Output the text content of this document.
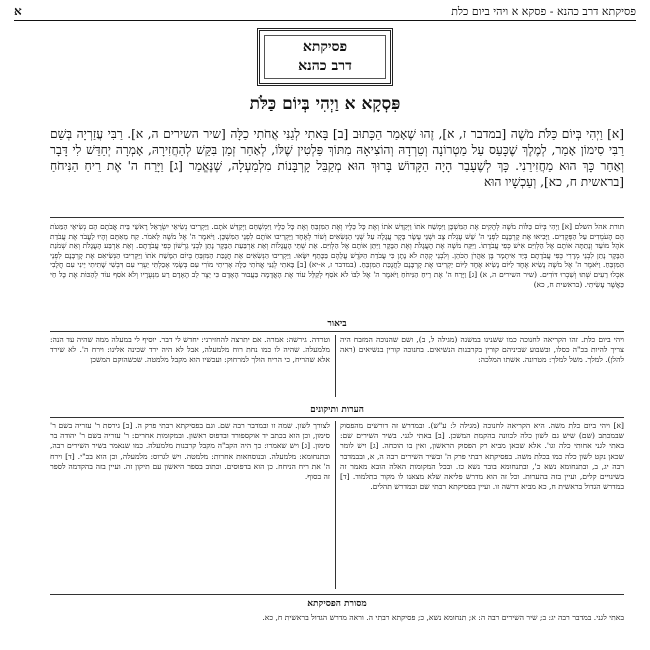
א	פסיקתא דרב כהנא - פסקא א ויהי ביום כלת
פסיקתא
דרב כהנא
פִּסְקָא א וַיְהִי בְּיוֹם כַּלֹּת

[א] וַיְהִי בְּיוֹם כַּלֹּת מֹשֶׁה [במדבר ז, א], זֶהוּ שֶׁאָמַר הַכָּתוּב [ב] בָּאתִי לְגַנִּי אֲחֹתִי כַלָּה [שיר השירים ה, א]. רַבִּי עֲזַרְיָה בְּשֵׁם רַבִּי סִימוֹן אָמַר, לְמֶלֶךְ שֶׁכָּעַס עַל מַטְרוֹנָה וְטֵרְדָהּ וְהוֹצִיאָהּ מִתּוֹךְ פַּלְטִין שֶׁלּוֹ, לְאַחַר זְמַן בִּקֵּשׁ לְהַחֲזִירָהּ, אָמְרָה יְחַדֵּשׁ לִי דָּבָר וְאַחַר כָּךְ הוּא מַחֲזִירֵנִי. כָּךְ לְשֶׁעָבַר הָיָה הַקָּדוֹשׁ בָּרוּךְ הוּא מְקַבֵּל קָרְבָּנוֹת מִלְמַעְלָה, שֶׁנֶּאֱמַר [ג] וַיָּרַח ה' אֶת רֵיחַ הַנִּיחֹחַ [בראשית ח, כא], וְעַכְשָׁיו הוּא

תורת אהל השלם [א] וַיְהִי בְּיוֹם כַּלּוֹת מֹשֶׁה לְהָקִים אֶת הַמִּשְׁכָּן וַיִּמְשַׁח אֹתוֹ וַיְקַדֵּשׁ אֹתוֹ וְאֶת כָּל כֵּלָיו וְאֶת הַמִּזְבֵּחַ וְאֶת כָּל כֵּלָיו וַיִּמְשָׁחֵם וַיְקַדֵּשׁ אֹתָם. וַיַּקְרִיבוּ נְשִׂיאֵי יִשְׂרָאֵל רָאשֵׁי בֵּית אֲבֹתָם הֵם נְשִׂיאֵי הַמַּטֹּת הֵם הָעֹמְדִים עַל הַפְּקֻדִים. וַיָּבִיאוּ אֶת קָרְבָּנָם לִפְנֵי ה' שֵׁשׁ עֶגְלֹת צָב וּשְׁנֵי עָשָׂר בָּקָר עֲגָלָה עַל שְׁנֵי הַנְּשִׂאִים וְשׁוֹר לְאֶחָד וַיַּקְרִיבוּ אוֹתָם לִפְנֵי הַמִּשְׁכָּן. וַיֹּאמֶר ה' אֶל מֹשֶׁה לֵּאמֹר. קַח מֵאִתָּם וְהָיוּ לַעֲבֹד אֶת עֲבֹדַת אֹהֶל מוֹעֵד וְנָתַתָּה אוֹתָם אֶל הַלְוִיִּם אִישׁ כְּפִי עֲבֹדָתוֹ. וַיִּקַּח מֹשֶׁה אֶת הָעֲגָלֹת וְאֶת הַבָּקָר וַיִּתֵּן אוֹתָם אֶל הַלְוִיִּם. אֵת שְׁתֵּי הָעֲגָלוֹת וְאֵת אַרְבַּעַת הַבָּקָר נָתַן לִבְנֵי גֵרְשׁוֹן כְּפִי עֲבֹדָתָם. וְאֵת אַרְבַּע הָעֲגָלֹת וְאֵת שְׁמֹנַת הַבָּקָר נָתַן לִבְנֵי מְרָרִי כְּפִי עֲבֹדָתָם בְּיַד אִיתָמָר בֶּן אַהֲרֹן הַכֹּהֵן. וְלִבְנֵי קְהָת לֹא נָתָן כִּי עֲבֹדַת הַקֹּדֶשׁ עֲלֵהֶם בַּכָּתֵף יִשָּׂאוּ. וַיַּקְרִיבוּ הַנְּשִׂאִים אֵת חֲנֻכַּת הַמִּזְבֵּחַ בְּיוֹם הִמָּשַׁח אֹתוֹ וַיַּקְרִיבוּ הַנְּשִׂיאִם אֶת קָרְבָּנָם לִפְנֵי הַמִּזְבֵּחַ. וַיֹּאמֶר ה' אֶל מֹשֶׁה נָשִׂיא אֶחָד לַיּוֹם נָשִׂיא אֶחָד לַיּוֹם יַקְרִיבוּ אֶת קָרְבָּנָם לַחֲנֻכַּת הַמִּזְבֵּחַ. (במדבר ז, א-יא) [ב] בָּאתִי לְגַנִּי אֲחֹתִי כַלָּה אָרִיתִי מוֹרִי עִם בְּשָׂמִי אָכַלְתִּי יַעְרִי עִם דִּבְשִׁי שָׁתִיתִי יֵינִי עִם חֲלָבִי אִכְלוּ רֵעִים שְׁתוּ וְשִׁכְרוּ דּוֹדִים. (שיר השירים ה, א) [ג] וַיָּרַח ה' אֶת רֵיחַ הַנִּיחֹחַ וַיֹּאמֶר ה' אֶל לִבּוֹ לֹא אֹסִף לְקַלֵּל עוֹד אֶת הָאֲדָמָה בַּעֲבוּר הָאָדָם כִּי יֵצֶר לֵב הָאָדָם רַע מִנְּעֻרָיו וְלֹא אֹסִף עוֹד לְהַכּוֹת אֶת כָּל חַי כַּאֲשֶׁר עָשִׂיתִי. (בראשית ח, כא)

ביאור

ויהי ביום כלת. זהו הקריאה לחנוכה כמו ששנינו במשנה (מגילה ל, ב), ושם שהנוכה המזבח היה צריך להיות בכ"ה כסלו, ובשבוע שביניהם קורין בקרבנות הנשיאים. בחנוכה קורין בנשיאים (ראה להלן). למלך. משל למלך: מטרונה. אשתו המלכה:

וטרדה. גירשה: אמרה. אם יתרצה להחזירני: יחדש לי דבר. יוסיף לי במעלה ממה שהיה עד הנה: מלמעלה. שהיה לו כמו נחת רוח מלמעלה, אבל לא היה ירד שכינה אלינו: וירח ה'. לא שירד אלא שהריח, כי הריח הולך למרחוק: ועכשיו הוא מקבל מלמטה. שכשהוקם המשכן

הערות ותיקונים

[א] ויהי ביום כלת משה. היא הקריאה לחנוכה (מגילה ל: ע"ש). ובמדרש זה דורשים מהפסוק שבמכתב (שם) שיש גם לשון כלה לכוונה בהקמת המשכן. [ב] באתי לגני. בשיר השירים שם: באתי לגני אחותי כלה וגו'. אלא שכאן מביא רק הפסוק הראשון, ואין בו הוכחה. [ג] ויש לומר שכאן נקט לשון כלה כמו בכלת משה. בפסיקתא רבתי פרק ה' ובשיר השירים רבה ה, א, ובבמדבר רבה יג, ב, ובתנחומא נשא כ', ובתנחומא בובר נשא כז. ובכל המקומות האלה הובא מאמר זה בשינויים קלים, ועיין בזה בהערות. וכל זה הוא מדרש פליאה שלא מצאנו לו מקור בתלמוד. [ד] במדרש הגדול בראשית ח, כא מביא דרשה זו. ועיין בפסיקתא רבתי שם ובמדרש תהלים.

לצורך לשון. שמה זו ובמדבר רבה שם. וגם בפסיקתא רבתי פרק ה. [ב] גירסת ר' עזריה בשם ר' סימון, וכן הוא בכתב יד אוקספורד ובדפוס ראשון. ובמקומות אחרים: ר' עזריה בשם ר' יהודה בר סימון. [ג] ויש שאמרו: כך היה הקב"ה מקבל קרבנות מלמעלה. כמו שנאמר בשיר השירים רבה, ובתנחומא: מלמעלה. ובנוסחאות אחרות: מלמטה. ויש לגרוס: מלמעלה, וכן הוא בכ"י. [ד] וירח ה' את ריח הניחח. כן הוא בדפוסים. וכתוב בספר היאשון עם תיקון זה. ועיין בזה בהקדמה לספר זה בסוף.

מסורת הפסיקתא

באתי לגני. במדבר רבה יג: ב; שיר השירים רבה ה: א; תנחומא נשא, כ; פסיקתא רבתי ה. וראה מדרש הגדול בראשית ח, כא.
